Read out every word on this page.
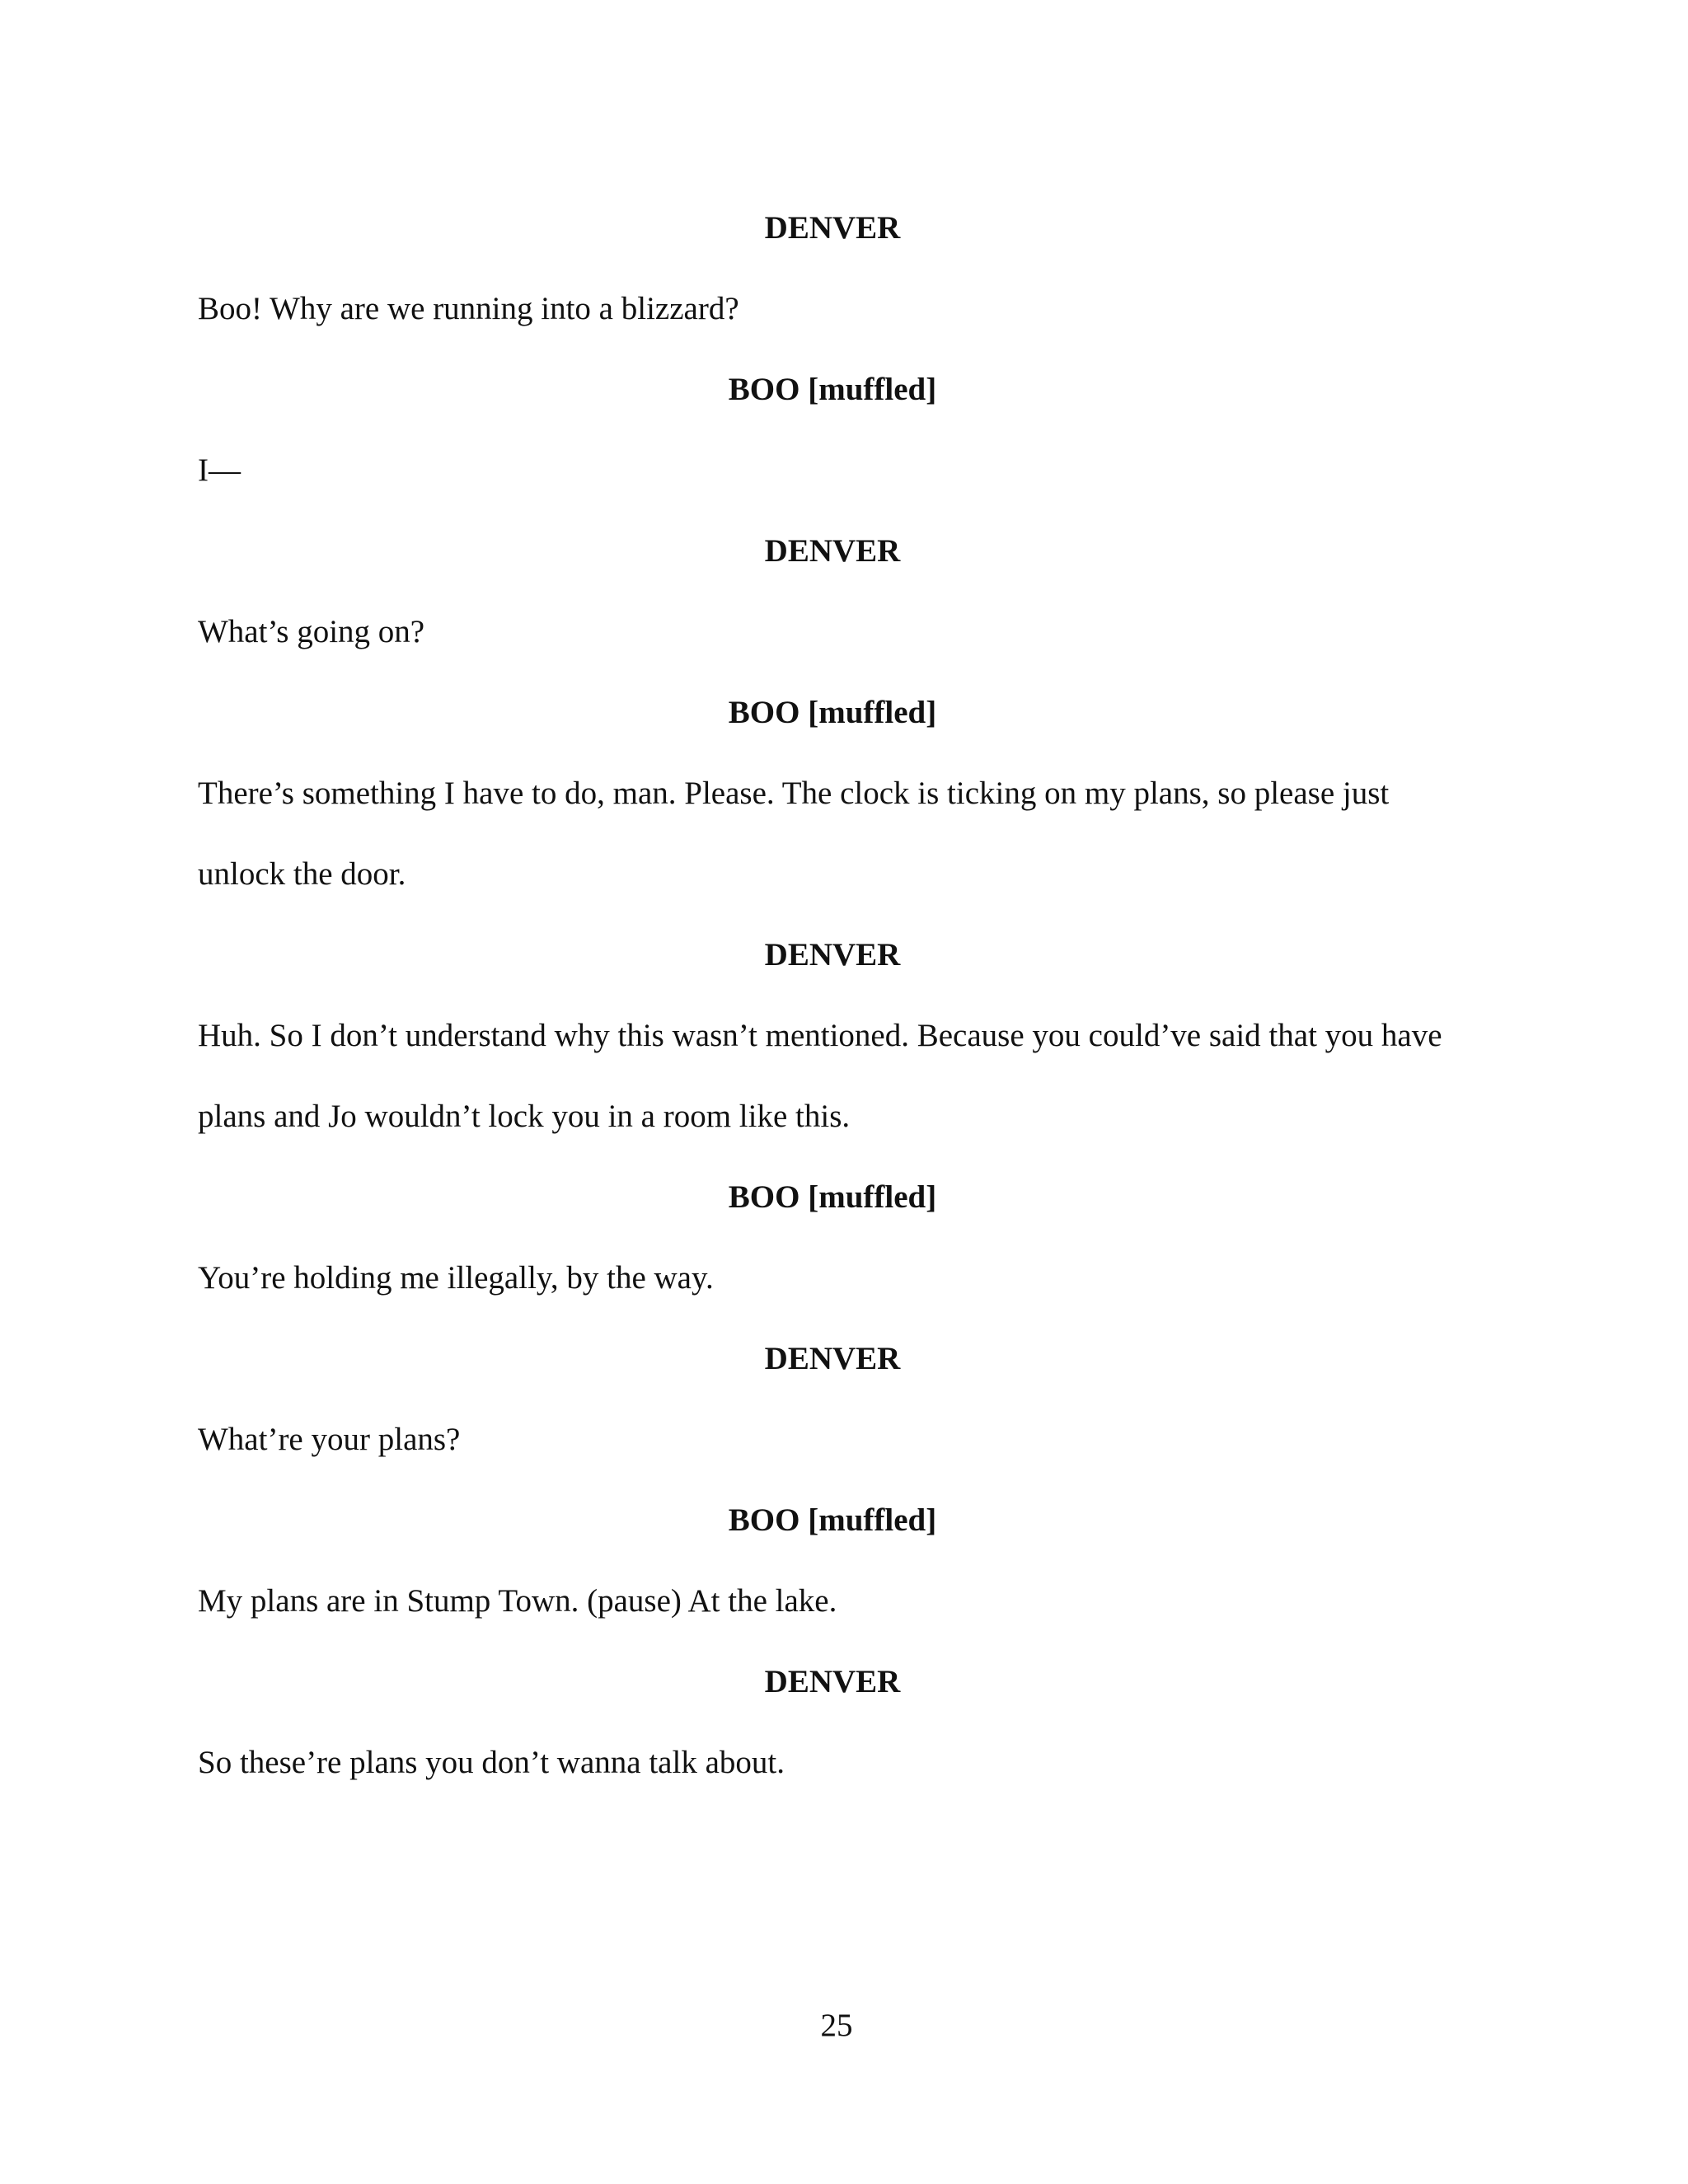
DENVER
Boo! Why are we running into a blizzard?
BOO [muffled]
I—
DENVER
What’s going on?
BOO [muffled]
There’s something I have to do, man. Please. The clock is ticking on my plans, so please just
unlock the door.
DENVER
Huh. So I don’t understand why this wasn’t mentioned. Because you could’ve said that you have
plans and Jo wouldn’t lock you in a room like this.
BOO [muffled]
You’re holding me illegally, by the way.
DENVER
What’re your plans?
BOO [muffled]
My plans are in Stump Town. (pause) At the lake.
DENVER
So these’re plans you don’t wanna talk about.
25
